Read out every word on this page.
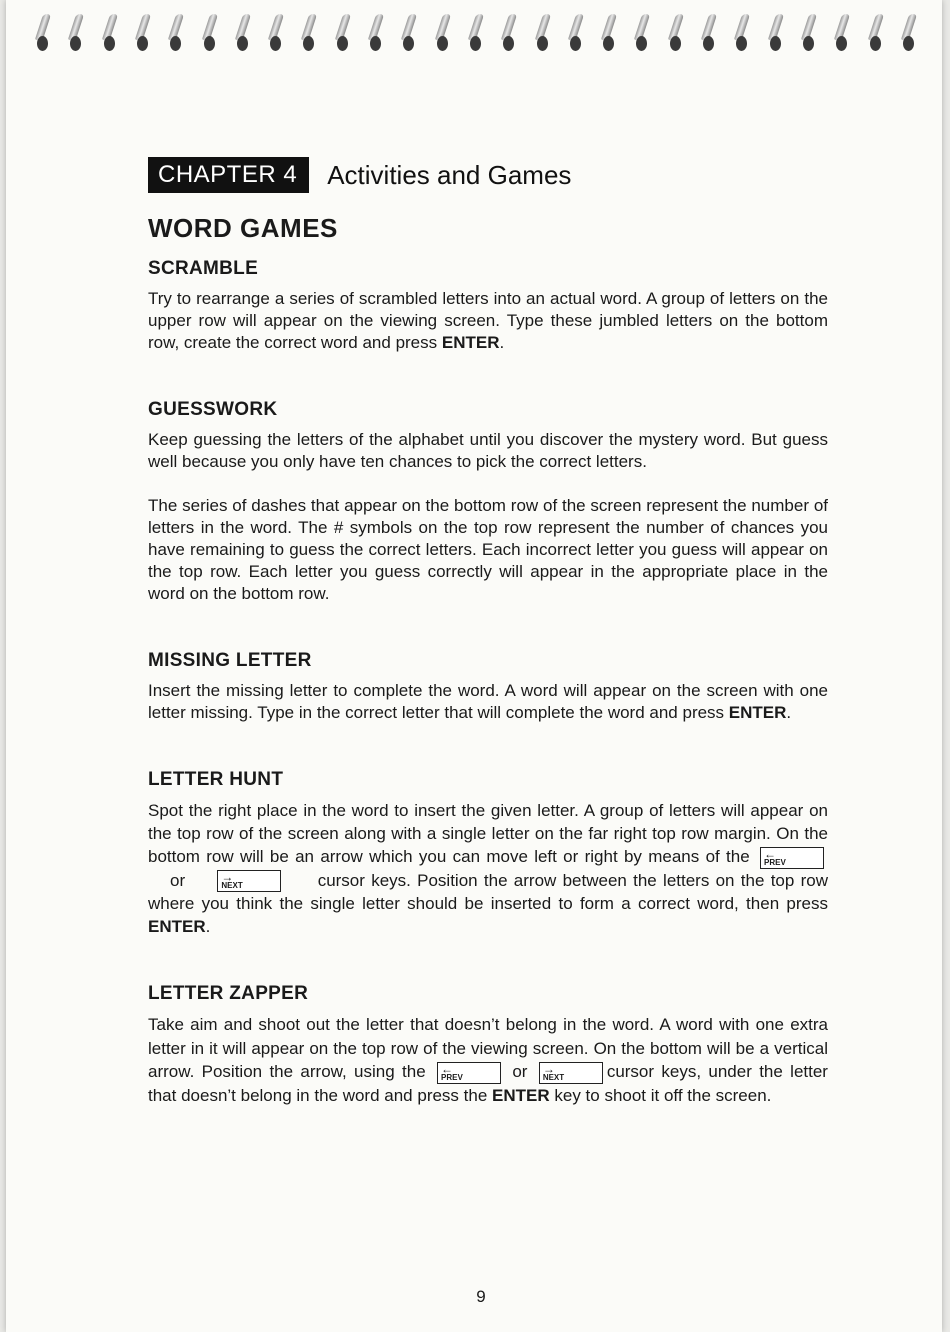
CHAPTER 4	Activities and Games
WORD GAMES
SCRAMBLE

Try to rearrange a series of scrambled letters into an actual word. A group of letters on the upper row will appear on the viewing screen. Type these jumbled letters on the bottom row, create the correct word and press ENTER.

GUESSWORK

Keep guessing the letters of the alphabet until you discover the mystery word. But guess well because you only have ten chances to pick the correct letters.

The series of dashes that appear on the bottom row of the screen represent the number of letters in the word. The # symbols on the top row represent the number of chances you have remaining to guess the correct letters. Each incorrect letter you guess will appear on the top row. Each letter you guess correctly will appear in the appropriate place in the word on the bottom row.

MISSING LETTER

Insert the missing letter to complete the word. A word will appear on the screen with one letter missing. Type in the correct letter that will complete the word and press ENTER.

LETTER HUNT

Spot the right place in the word to insert the given letter. A group of letters will appear on the top row of the screen along with a single letter on the far right top row margin. On the bottom row will be an arrow which you can move left or right by means of the ←
PREV
or	→
NEXT	cursor keys. Position the arrow between the letters on the top row where you think the single letter should be inserted to form a correct word, then press ENTER.

LETTER ZAPPER

Take aim and shoot out the letter that doesn’t belong in the word. A word with one extra letter in it will appear on the top row of the viewing screen. On the bottom will be a vertical arrow. Position the arrow, using the ←
PREV	or →
NEXT	cursor keys, under the letter that doesn’t belong in the word and press the ENTER key to shoot it off the screen.

9
